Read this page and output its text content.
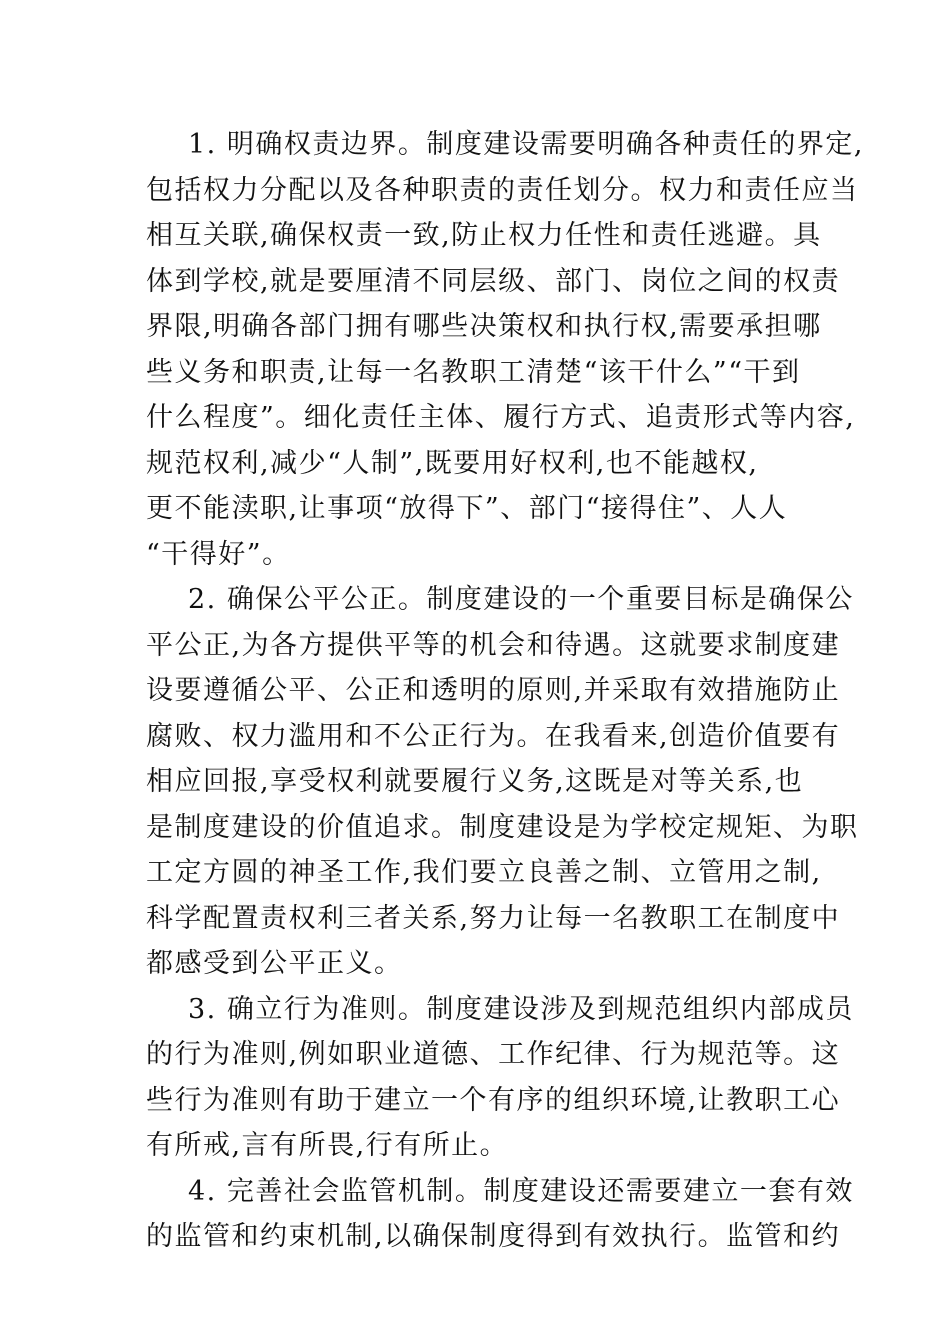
1. 明确权责边界。制度建设需要明确各种责任的界定,
包括权力分配以及各种职责的责任划分。权力和责任应当
相互关联,确保权责一致,防止权力任性和责任逃避。具
体到学校,就是要厘清不同层级、部门、岗位之间的权责
界限,明确各部门拥有哪些决策权和执行权,需要承担哪
些义务和职责,让每一名教职工清楚“该干什么”“干到
什么程度”。细化责任主体、履行方式、追责形式等内容,
规范权利,减少“人制”,既要用好权利,也不能越权,
更不能渎职,让事项“放得下”、部门“接得住”、人人
“干得好”。
2. 确保公平公正。制度建设的一个重要目标是确保公
平公正,为各方提供平等的机会和待遇。这就要求制度建
设要遵循公平、公正和透明的原则,并采取有效措施防止
腐败、权力滥用和不公正行为。在我看来,创造价值要有
相应回报,享受权利就要履行义务,这既是对等关系,也
是制度建设的价值追求。制度建设是为学校定规矩、为职
工定方圆的神圣工作,我们要立良善之制、立管用之制,
科学配置责权利三者关系,努力让每一名教职工在制度中
都感受到公平正义。
3. 确立行为准则。制度建设涉及到规范组织内部成员
的行为准则,例如职业道德、工作纪律、行为规范等。这
些行为准则有助于建立一个有序的组织环境,让教职工心
有所戒,言有所畏,行有所止。
4. 完善社会监管机制。制度建设还需要建立一套有效
的监管和约束机制,以确保制度得到有效执行。监管和约
